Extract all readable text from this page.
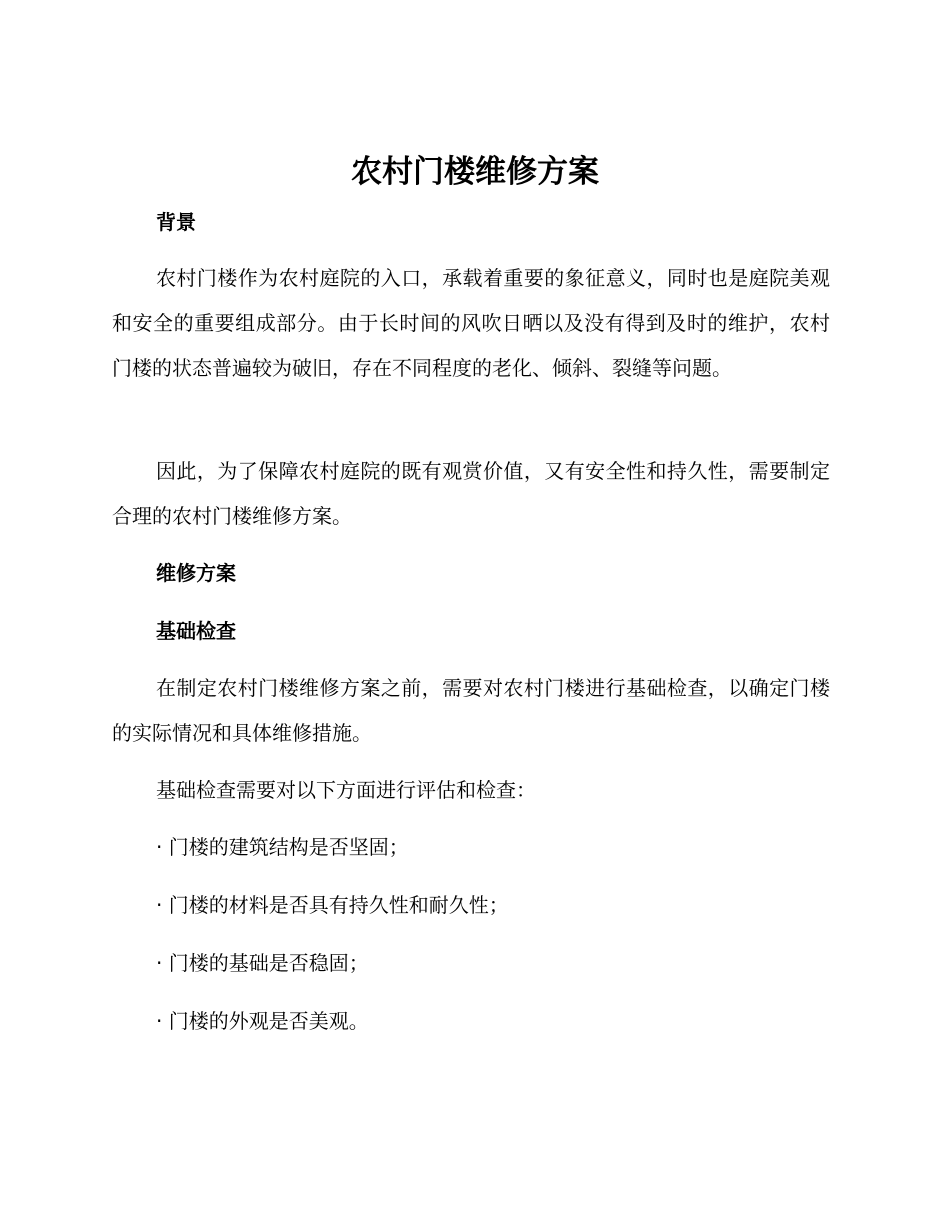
农村门楼维修方案
背景

农村门楼作为农村庭院的入口，承载着重要的象征意义，同时也是庭院美观和安全的重要组成部分。由于长时间的风吹日晒以及没有得到及时的维护，农村门楼的状态普遍较为破旧，存在不同程度的老化、倾斜、裂缝等问题。

因此，为了保障农村庭院的既有观赏价值，又有安全性和持久性，需要制定合理的农村门楼维修方案。

维修方案
基础检查

在制定农村门楼维修方案之前，需要对农村门楼进行基础检查，以确定门楼的实际情况和具体维修措施。

基础检查需要对以下方面进行评估和检查：

· 门楼的建筑结构是否坚固；

· 门楼的材料是否具有持久性和耐久性；

· 门楼的基础是否稳固；

· 门楼的外观是否美观。
